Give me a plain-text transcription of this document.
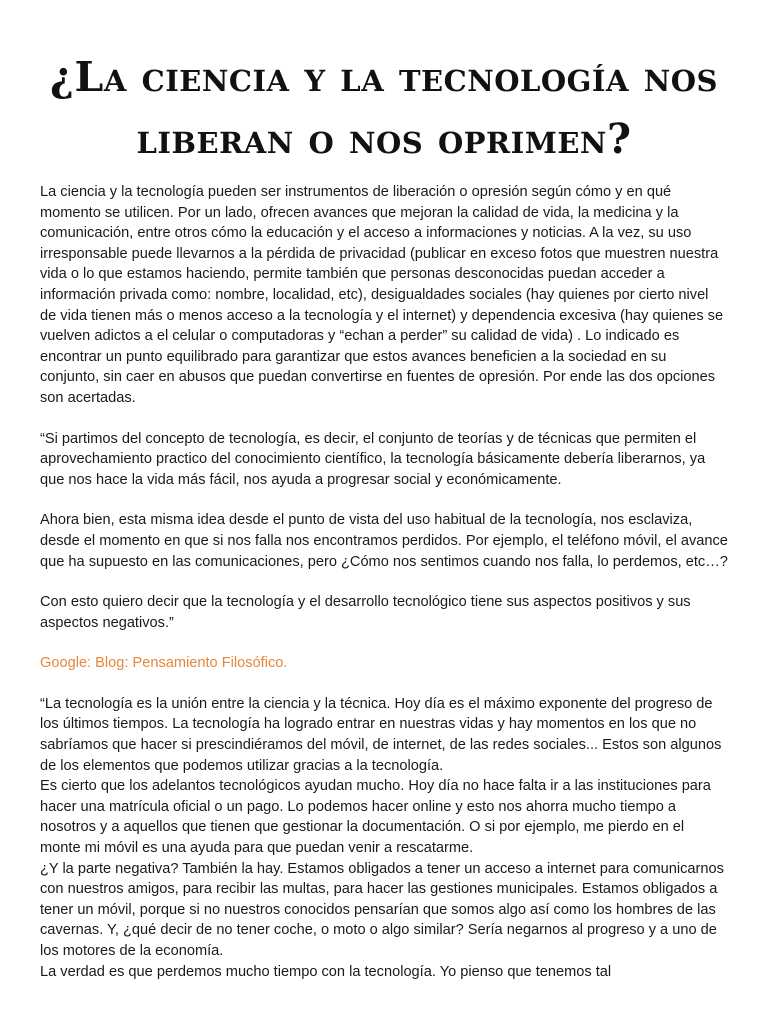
¿La ciencia y la tecnología nos liberan o nos oprimen?

La ciencia y la tecnología pueden ser instrumentos de liberación o opresión según cómo y en qué momento se utilicen. Por un lado, ofrecen avances que mejoran la calidad de vida, la medicina y la comunicación, entre otros cómo la educación y el acceso a informaciones y noticias. A la vez, su uso irresponsable puede llevarnos a la pérdida de privacidad (publicar en exceso fotos que muestren nuestra vida o lo que estamos haciendo, permite también que personas desconocidas puedan acceder a información privada como: nombre, localidad, etc), desigualdades sociales (hay quienes por cierto nivel de vida tienen más o menos acceso a la tecnología y el internet) y dependencia excesiva (hay quienes se vuelven adictos a el celular o computadoras y “echan a perder” su calidad de vida) . Lo indicado es encontrar un punto equilibrado para garantizar que estos avances beneficien a la sociedad en su conjunto, sin caer en abusos que puedan convertirse en fuentes de opresión. Por ende las dos opciones son acertadas.

“Si partimos del concepto de tecnología, es decir, el conjunto de teorías y de técnicas que permiten el aprovechamiento practico del conocimiento científico, la tecnología básicamente debería liberarnos, ya que nos hace la vida más fácil, nos ayuda a progresar social y económicamente.

Ahora bien, esta misma idea desde el punto de vista del uso habitual de la tecnología, nos esclaviza, desde el momento en que si nos falla nos encontramos perdidos. Por ejemplo, el teléfono móvil, el avance que ha supuesto en las comunicaciones, pero ¿Cómo nos sentimos cuando nos falla, lo perdemos, etc…?

Con esto quiero decir que la tecnología y el desarrollo tecnológico tiene sus aspectos positivos y sus aspectos negativos.”

Google: Blog: Pensamiento Filosófico.

“La tecnología es la unión entre la ciencia y la técnica. Hoy día es el máximo exponente del progreso de los últimos tiempos. La tecnología ha logrado entrar en nuestras vidas y hay momentos en los que no sabríamos que hacer si prescindiéramos del móvil, de internet, de las redes sociales... Estos son algunos de los elementos que podemos utilizar gracias a la tecnología.

Es cierto que los adelantos tecnológicos ayudan mucho. Hoy día no hace falta ir a las instituciones para hacer una matrícula oficial o un pago. Lo podemos hacer online y esto nos ahorra mucho tiempo a nosotros y a aquellos que tienen que gestionar la documentación. O si por ejemplo, me pierdo en el monte mi móvil es una ayuda para que puedan venir a rescatarme.

¿Y la parte negativa? También la hay. Estamos obligados a tener un acceso a internet para comunicarnos con nuestros amigos, para recibir las multas, para hacer las gestiones municipales. Estamos obligados a tener un móvil, porque si no nuestros conocidos pensarían que somos algo así como los hombres de las cavernas. Y, ¿qué decir de no tener coche, o moto o algo similar? Sería negarnos al progreso y a uno de los motores de la economía.

La verdad es que perdemos mucho tiempo con la tecnología. Yo pienso que tenemos tal
